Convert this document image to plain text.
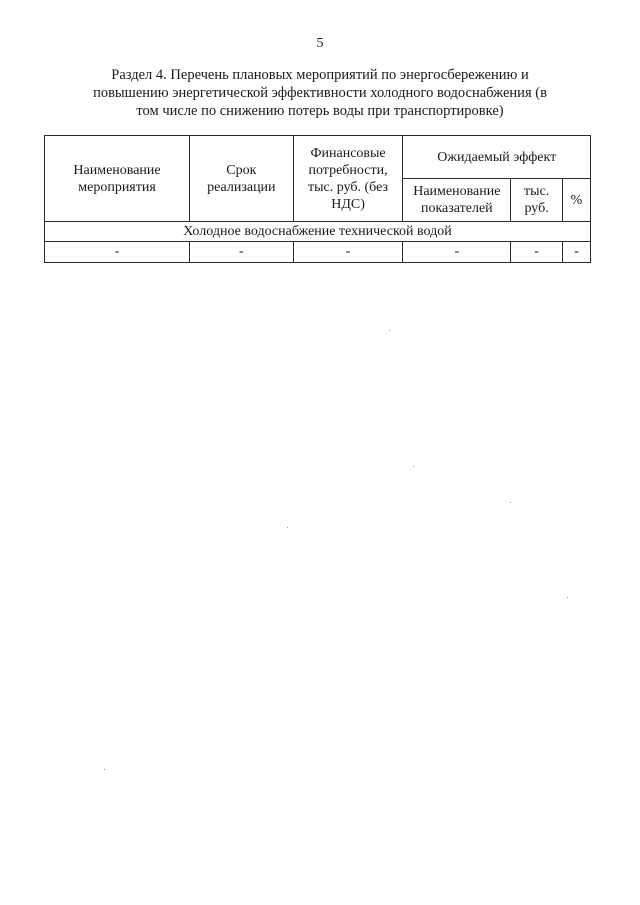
5
Раздел 4. Перечень плановых мероприятий по энергосбережению и
повышению энергетической эффективности холодного водоснабжения (в
том числе по снижению потерь воды при транспортировке)
Наименование мероприятия	Срок реализации	Финансовые потребности, тыс. руб. (без НДС)	Ожидаемый эффект		
			Наименование показателей	тыс. руб.	%
Холодное водоснабжение технической водой					
-	-	-	-	-	-
